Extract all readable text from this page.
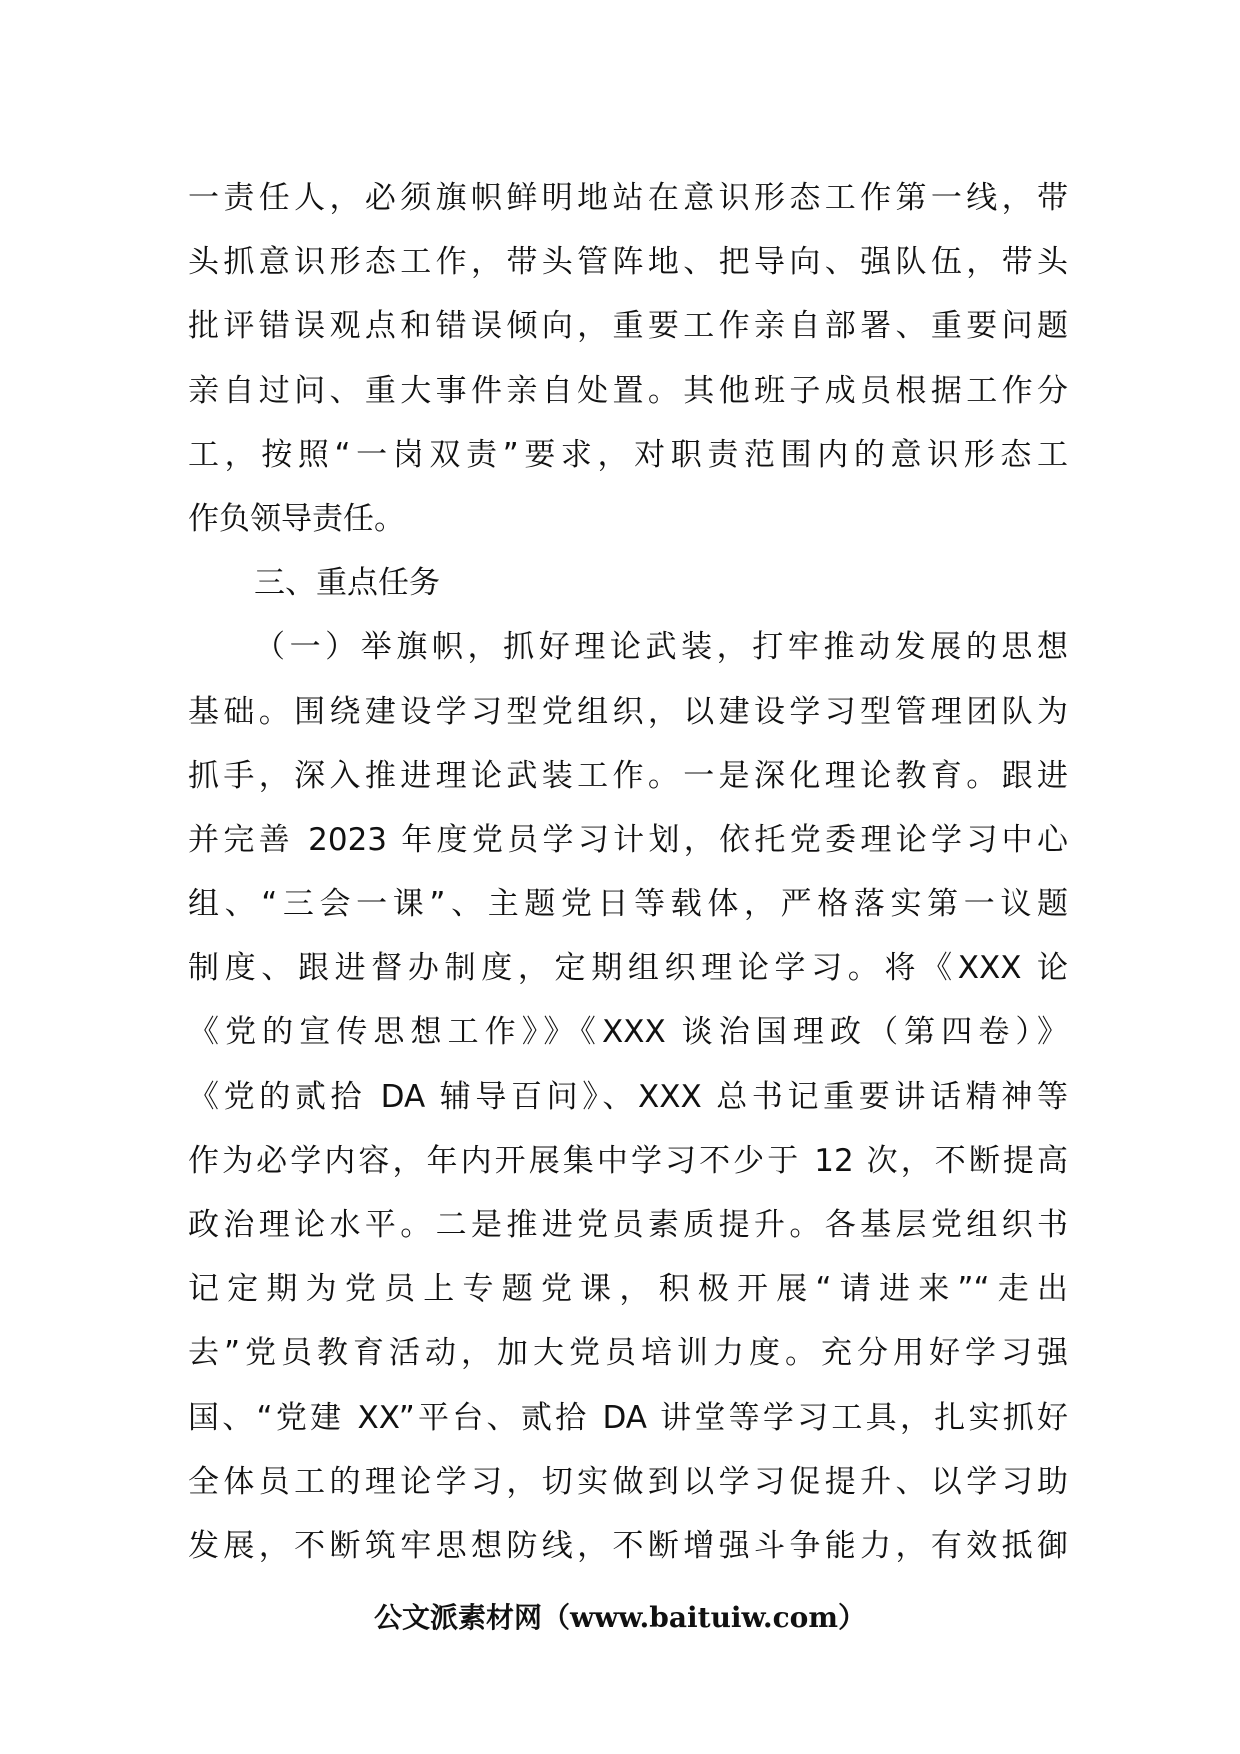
一责任人，必须旗帜鲜明地站在意识形态工作第一线，带
头抓意识形态工作，带头管阵地、把导向、强队伍，带头
批评错误观点和错误倾向，重要工作亲自部署、重要问题
亲自过问、重大事件亲自处置。其他班子成员根据工作分
工，按照“一岗双责”要求，对职责范围内的意识形态工
作负领导责任。
三、重点任务
（一）举旗帜，抓好理论武装，打牢推动发展的思想
基础。围绕建设学习型党组织，以建设学习型管理团队为
抓手，深入推进理论武装工作。一是深化理论教育。跟进
并完善 2023 年度党员学习计划，依托党委理论学习中心
组、“三会一课”、主题党日等载体，严格落实第一议题
制度、跟进督办制度，定期组织理论学习。将《XXX 论
《党的宣传思想工作》》《XXX 谈治国理政（第四卷）》
《党的贰拾 DA 辅导百问》、XXX 总书记重要讲话精神等
作为必学内容，年内开展集中学习不少于 12 次，不断提高
政治理论水平。二是推进党员素质提升。各基层党组织书
记定期为党员上专题党课，积极开展“请进来”“走出
去”党员教育活动，加大党员培训力度。充分用好学习强
国、“党建 XX”平台、贰拾 DA 讲堂等学习工具，扎实抓好
全体员工的理论学习，切实做到以学习促提升、以学习助
发展，不断筑牢思想防线，不断增强斗争能力，有效抵御
公文派素材网（www.baituiw.com）
